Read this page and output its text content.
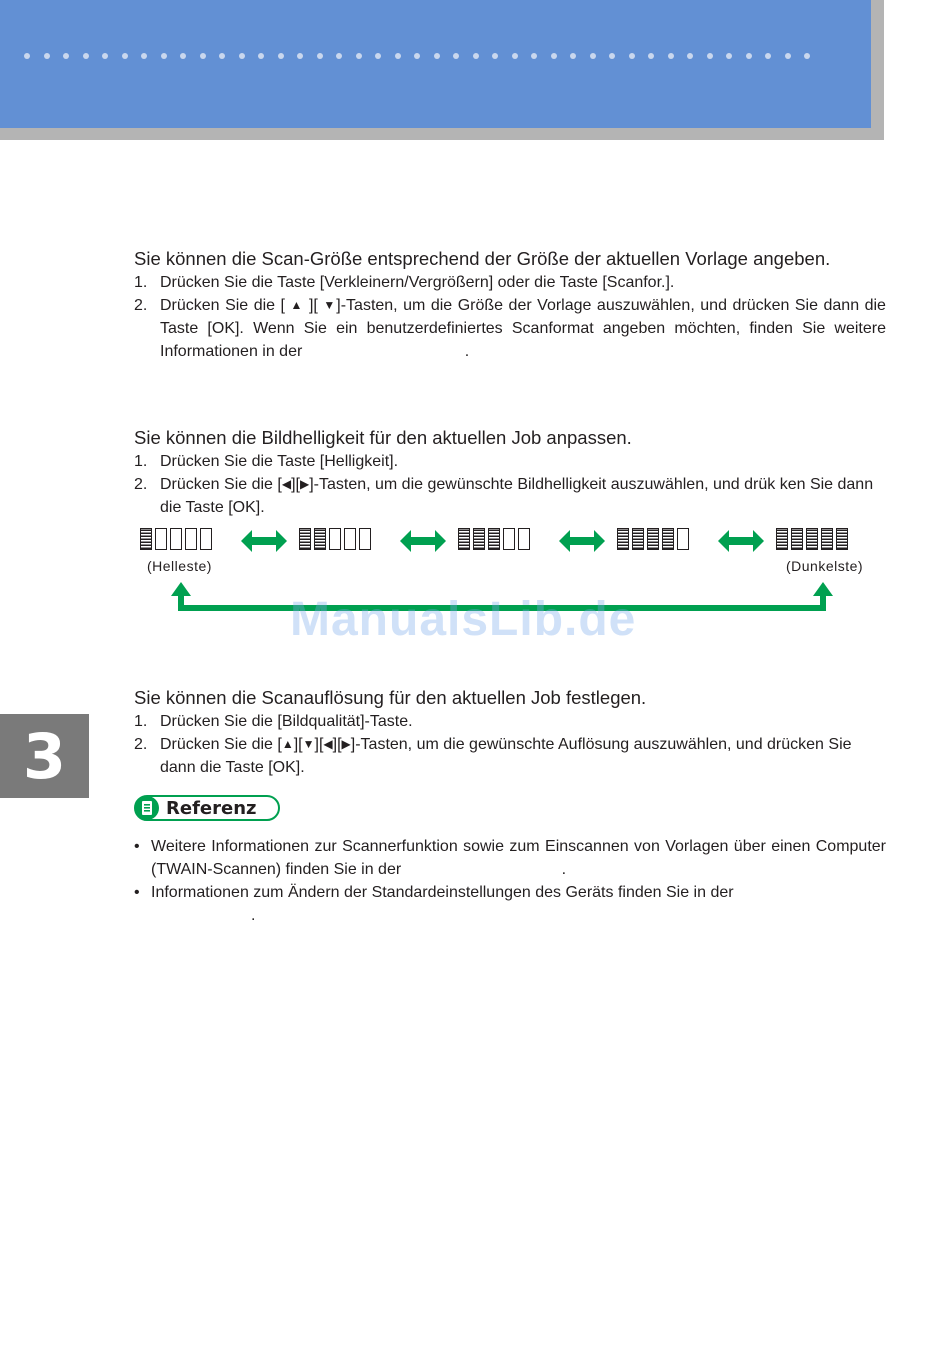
3

Sie können die Scan-Größe entsprechend der Größe der aktuellen Vorlage angeben.

1. Drücken Sie die Taste [Verkleinern/Vergrößern] oder die Taste [Scanfor.].
2. Drücken Sie die [ ▲ ][ ▼]-Tasten, um die Größe der Vorlage auszuwählen, und drücken Sie dann die Taste [OK]. Wenn Sie ein benutzerdefiniertes Scanformat angeben möchten, finden Sie weitere Informationen in der	.

Sie können die Bildhelligkeit für den aktuellen Job anpassen.

1. Drücken Sie die Taste [Helligkeit].
2. Drücken Sie die [◀][▶]-Tasten, um die gewünschte Bildhelligkeit auszuwählen, und drük ken Sie dann die Taste [OK].
(Helleste)	(Dunkelste)
ManualsLib.de

Sie können die Scanauflösung für den aktuellen Job festlegen.

1. Drücken Sie die [Bildqualität]-Taste.
2. Drücken Sie die [▲][▼][◀][▶]-Tasten, um die gewünschte Auflösung auszuwählen, und drücken Sie dann die Taste [OK].
Referenz
• Weitere Informationen zur Scannerfunktion sowie zum Einscannen von Vorlagen über einen Computer (TWAIN-Scannen) finden Sie in der	.
• Informationen zum Ändern der Standardeinstellungen des Geräts finden Sie in der
.
